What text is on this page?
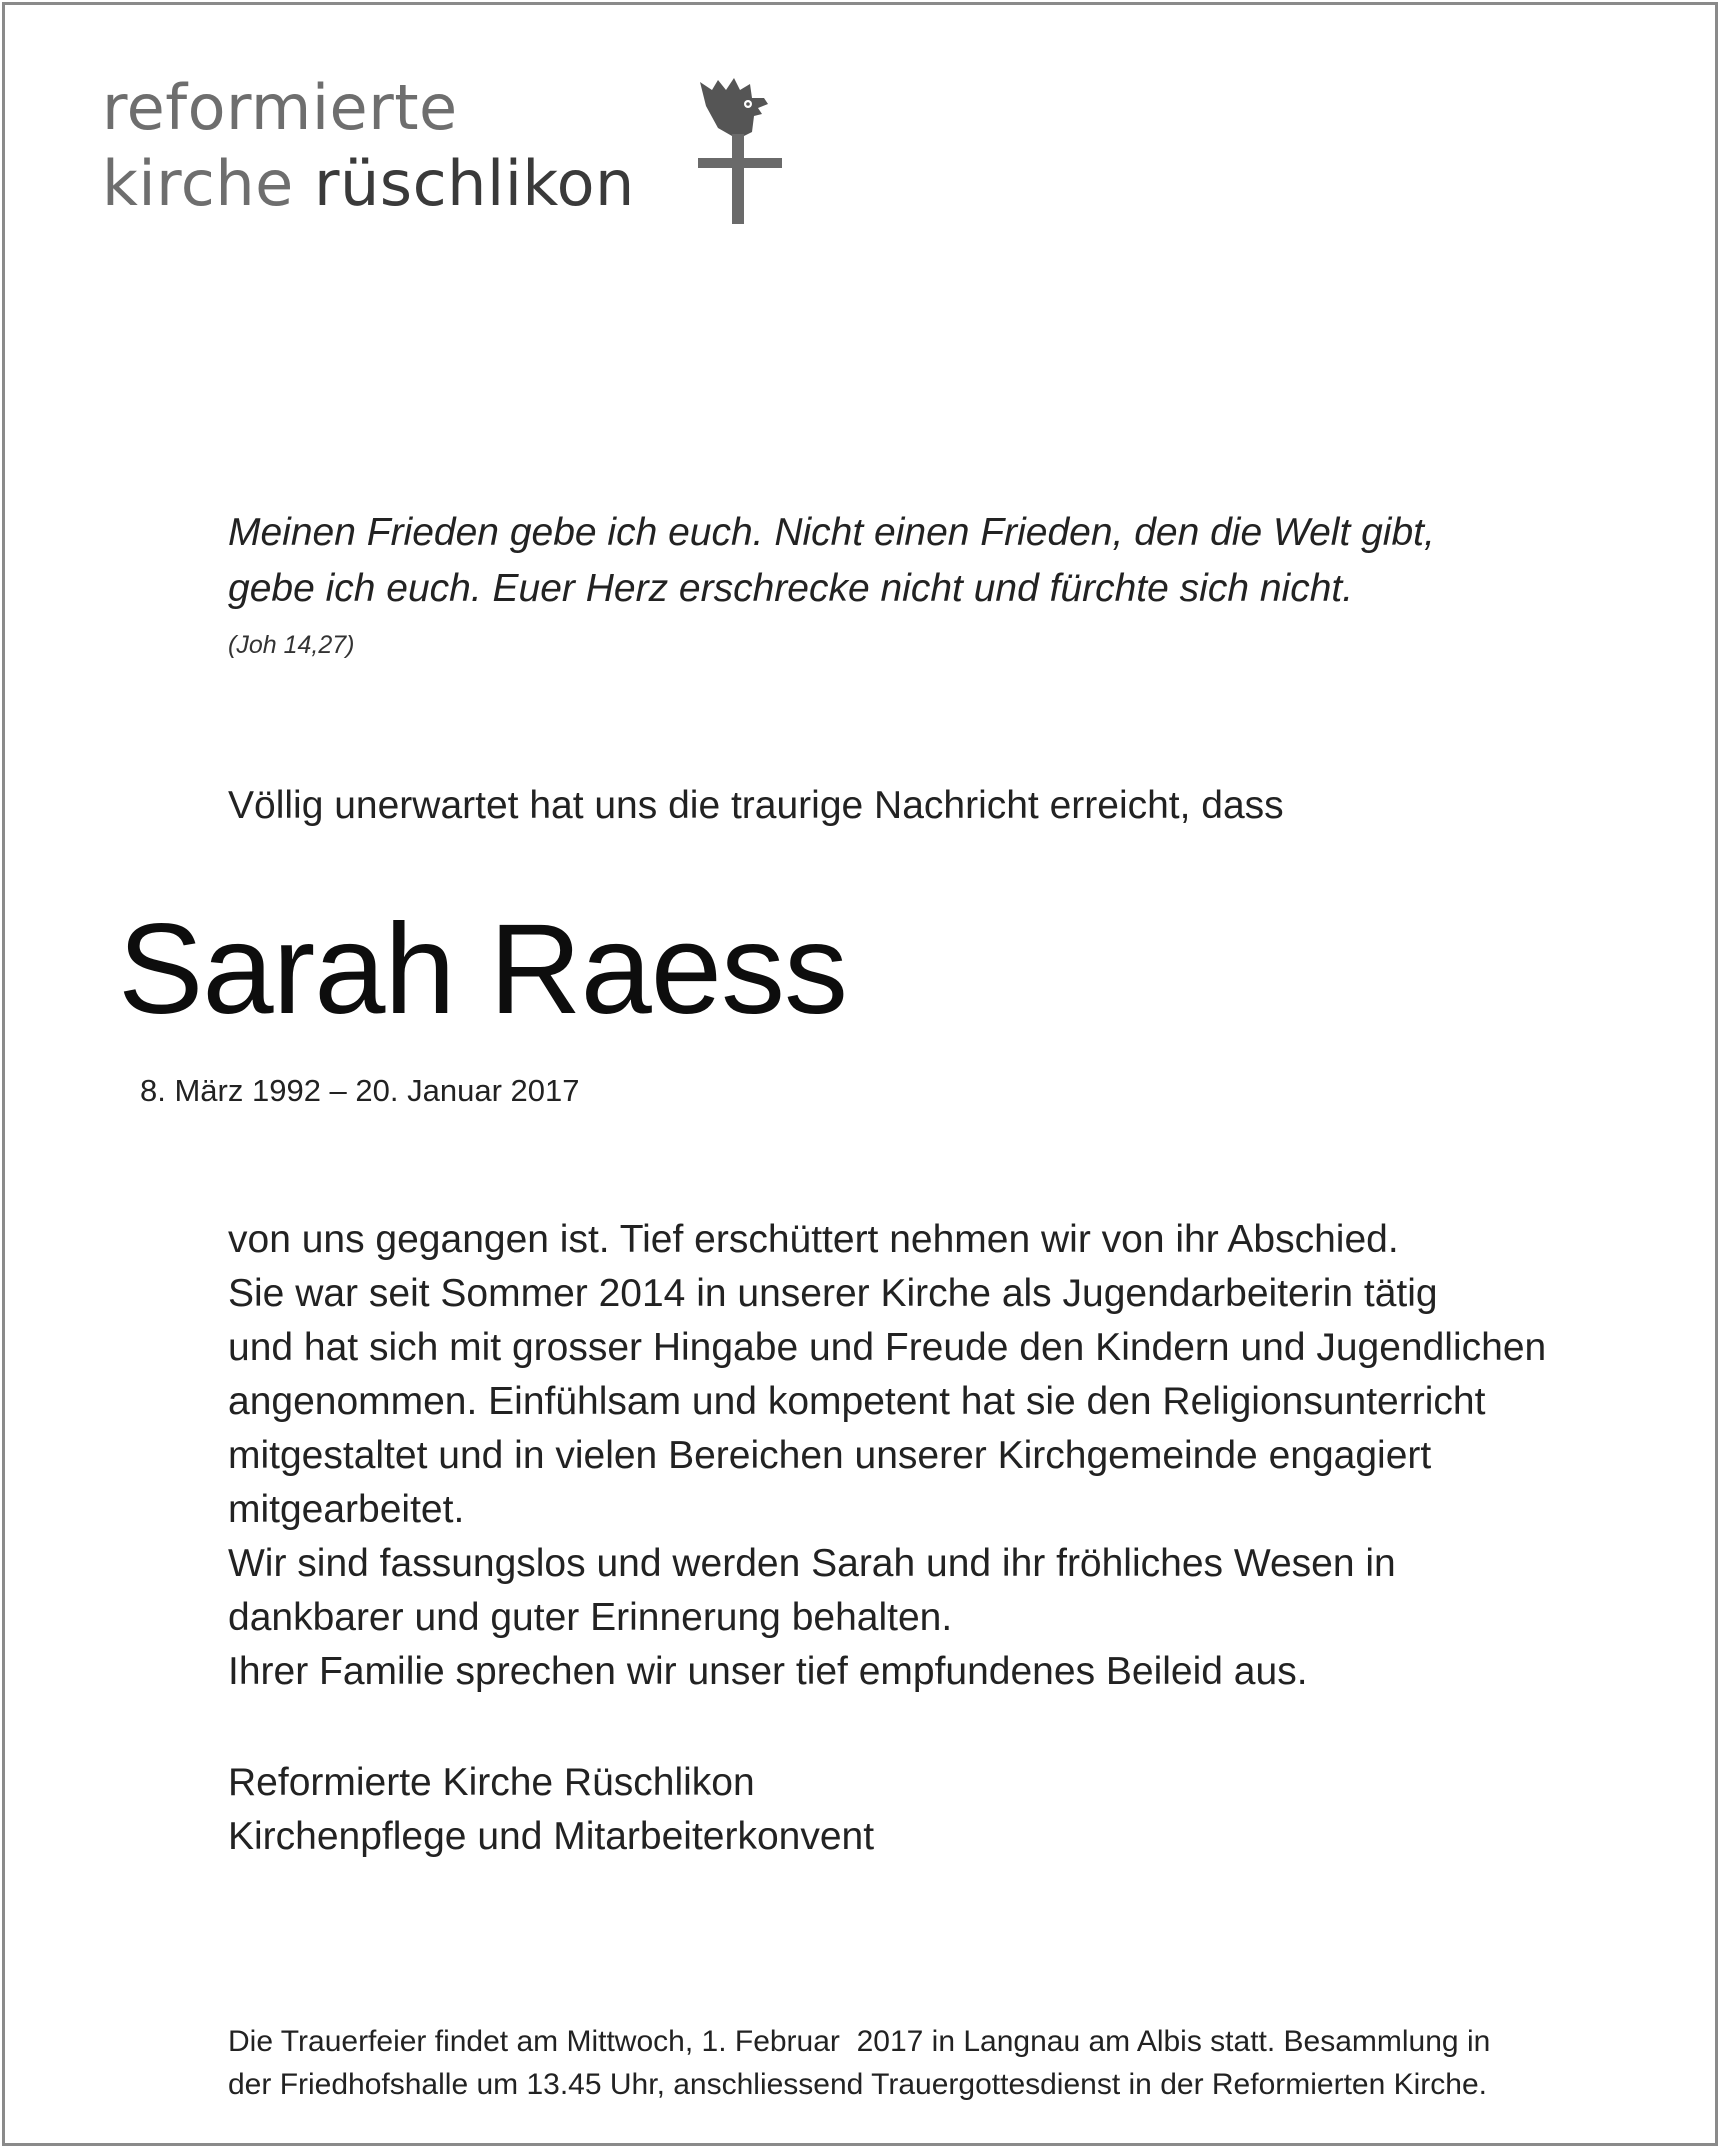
reformierte
kirche rüschlikon
Meinen Frieden gebe ich euch. Nicht einen Frieden, den die Welt gibt,
gebe ich euch. Euer Herz erschrecke nicht und fürchte sich nicht.
(Joh 14,27)
Völlig unerwartet hat uns die traurige Nachricht erreicht, dass
Sarah Raess
8. März 1992 – 20. Januar 2017
von uns gegangen ist. Tief erschüttert nehmen wir von ihr Abschied.
Sie war seit Sommer 2014 in unserer Kirche als Jugendarbeiterin tätig
und hat sich mit grosser Hingabe und Freude den Kindern und Jugendlichen
angenommen. Einfühlsam und kompetent hat sie den Religionsunterricht
mitgestaltet und in vielen Bereichen unserer Kirchgemeinde engagiert
mitgearbeitet.
Wir sind fassungslos und werden Sarah und ihr fröhliches Wesen in
dankbarer und guter Erinnerung behalten.
Ihrer Familie sprechen wir unser tief empfundenes Beileid aus.
Reformierte Kirche Rüschlikon
Kirchenpflege und Mitarbeiterkonvent
Die Trauerfeier findet am Mittwoch, 1. Februar  2017 in Langnau am Albis statt. Besammlung in
der Friedhofshalle um 13.45 Uhr, anschliessend Trauergottesdienst in der Reformierten Kirche.
